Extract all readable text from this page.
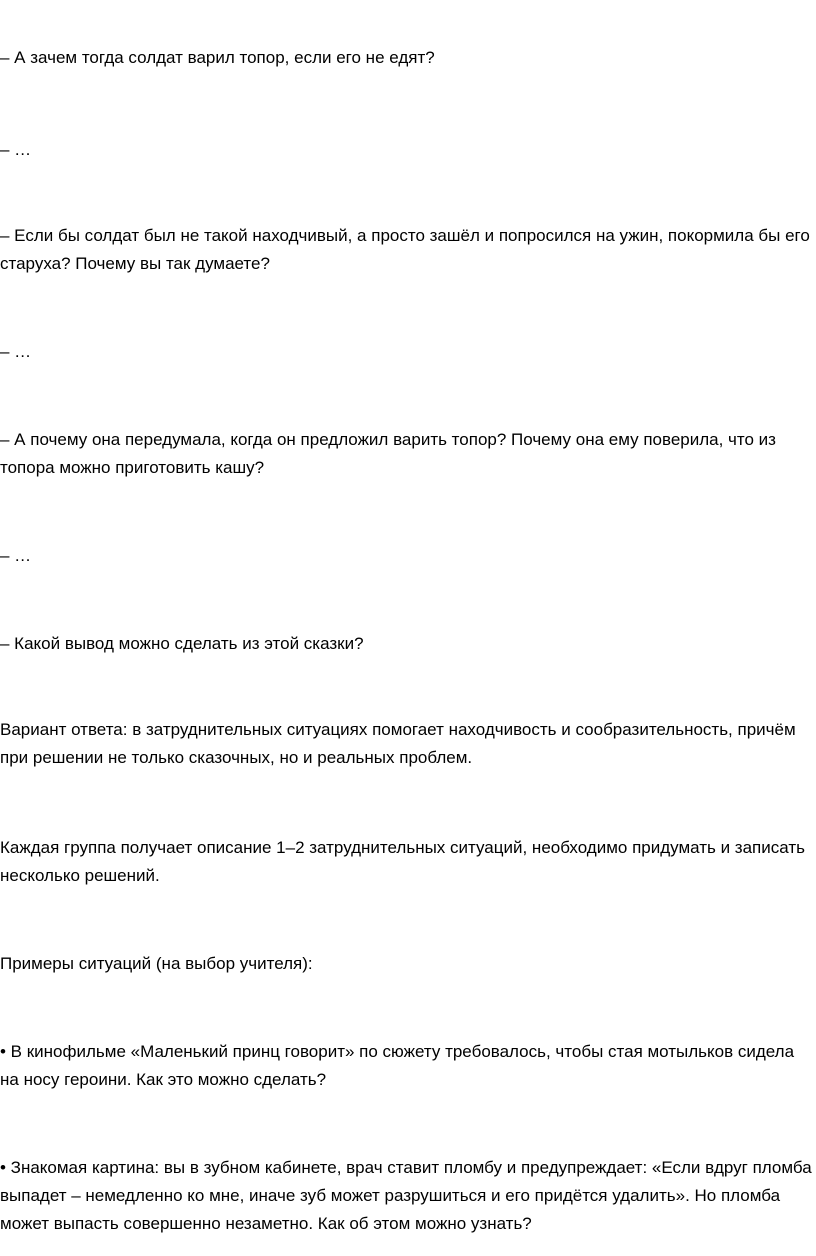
– А зачем тогда солдат варил топор, если его не едят?

– …

– Если бы солдат был не такой находчивый, а просто зашёл и попросился на ужин, покормила бы его старуха? Почему вы так думаете?

– …

– А почему она передумала, когда он предложил варить топор? Почему она ему поверила, что из топора можно приготовить кашу?

– …

– Какой вывод можно сделать из этой сказки?

Вариант ответа: в затруднительных ситуациях помогает находчивость и сообразительность, причём при решении не только сказочных, но и реальных проблем.

Каждая группа получает описание 1–2 затруднительных ситуаций, необходимо придумать и записать несколько решений.

Примеры ситуаций (на выбор учителя):

• В кинофильме «Маленький принц говорит» по сюжету требовалось, чтобы стая мотыльков сидела на носу героини. Как это можно сделать?

• Знакомая картина: вы в зубном кабинете, врач ставит пломбу и предупреждает: «Если вдруг пломба выпадет – немедленно ко мне, иначе зуб может разрушиться и его придётся удалить». Но пломба может выпасть совершенно незаметно. Как об этом можно узнать?
